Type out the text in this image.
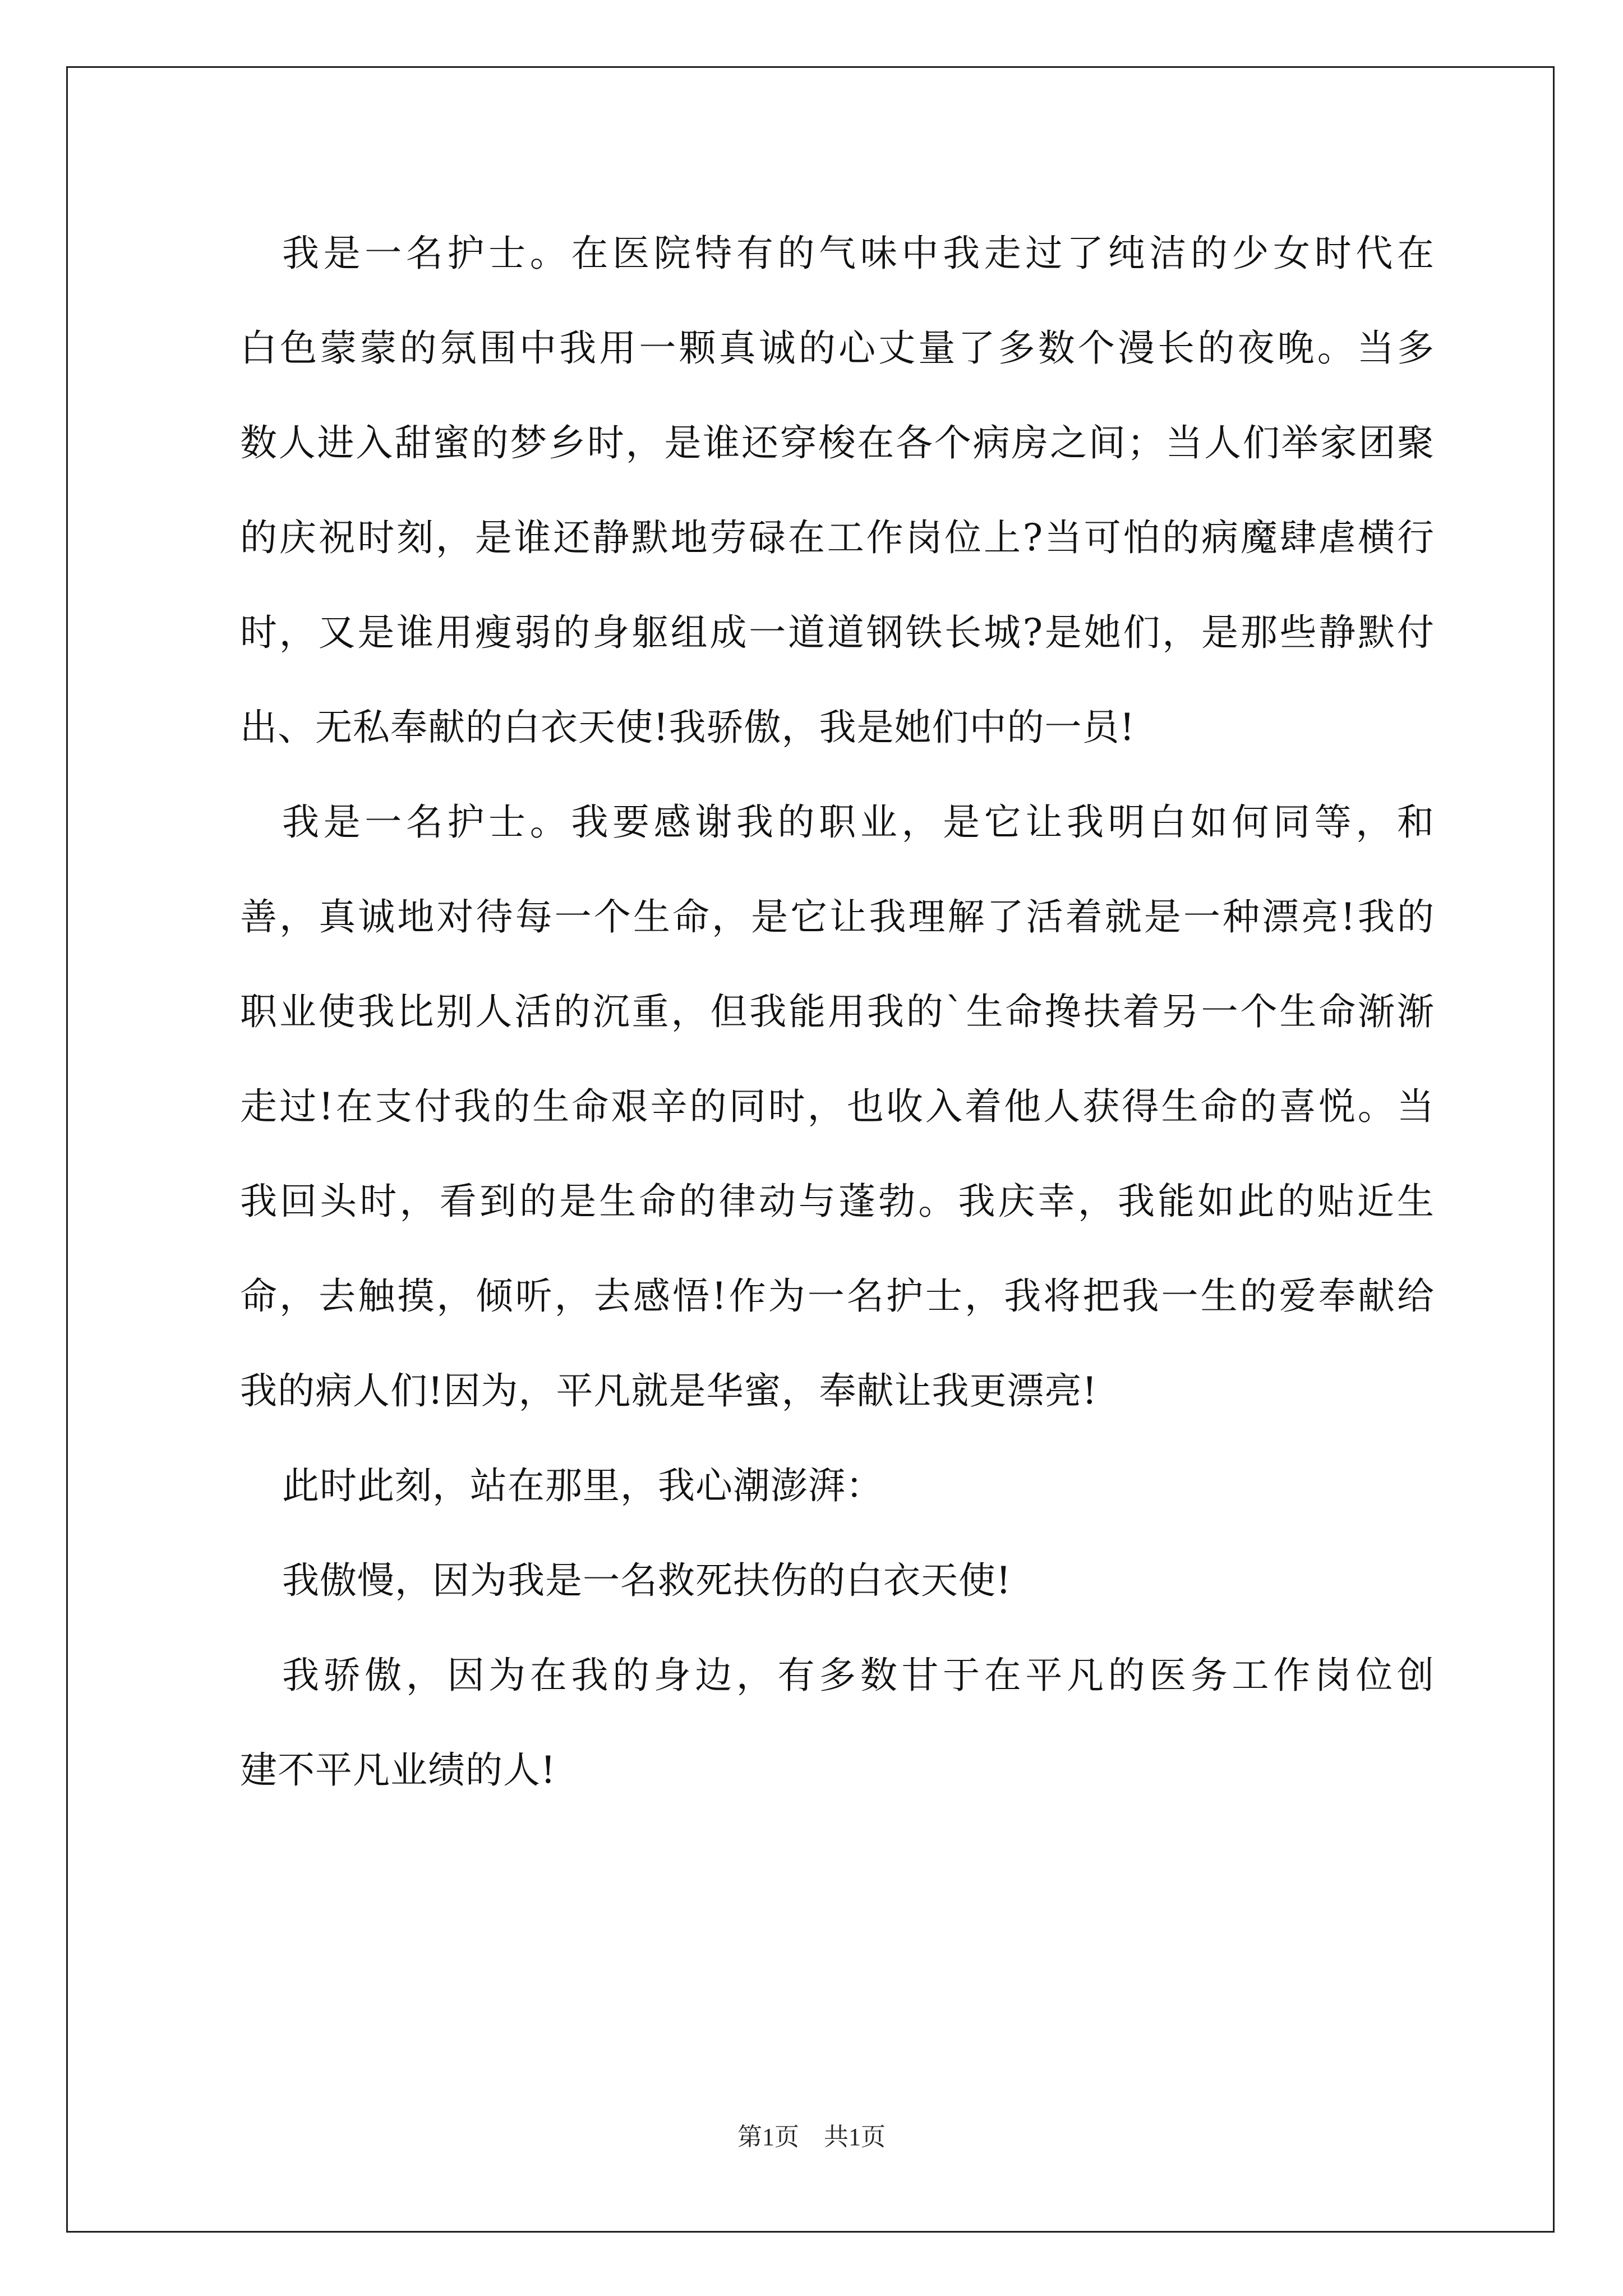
我是一名护士。在医院特有的气味中我走过了纯洁的少女时代在
白色蒙蒙的氛围中我用一颗真诚的心丈量了多数个漫长的夜晚。当多
数人进入甜蜜的梦乡时，是谁还穿梭在各个病房之间；当人们举家团聚
的庆祝时刻，是谁还静默地劳碌在工作岗位上?当可怕的病魔肆虐横行
时，又是谁用瘦弱的身躯组成一道道钢铁长城?是她们，是那些静默付
出、无私奉献的白衣天使!我骄傲，我是她们中的一员!
我是一名护士。我要感谢我的职业，是它让我明白如何同等，和
善，真诚地对待每一个生命，是它让我理解了活着就是一种漂亮!我的
职业使我比别人活的沉重，但我能用我的`生命搀扶着另一个生命渐渐
走过!在支付我的生命艰辛的同时，也收入着他人获得生命的喜悦。当
我回头时，看到的是生命的律动与蓬勃。我庆幸，我能如此的贴近生
命，去触摸，倾听，去感悟!作为一名护士，我将把我一生的爱奉献给
我的病人们!因为，平凡就是华蜜，奉献让我更漂亮!
此时此刻，站在那里，我心潮澎湃：
我傲慢，因为我是一名救死扶伤的白衣天使!
我骄傲，因为在我的身边，有多数甘于在平凡的医务工作岗位创
建不平凡业绩的人!
第1页 共1页
